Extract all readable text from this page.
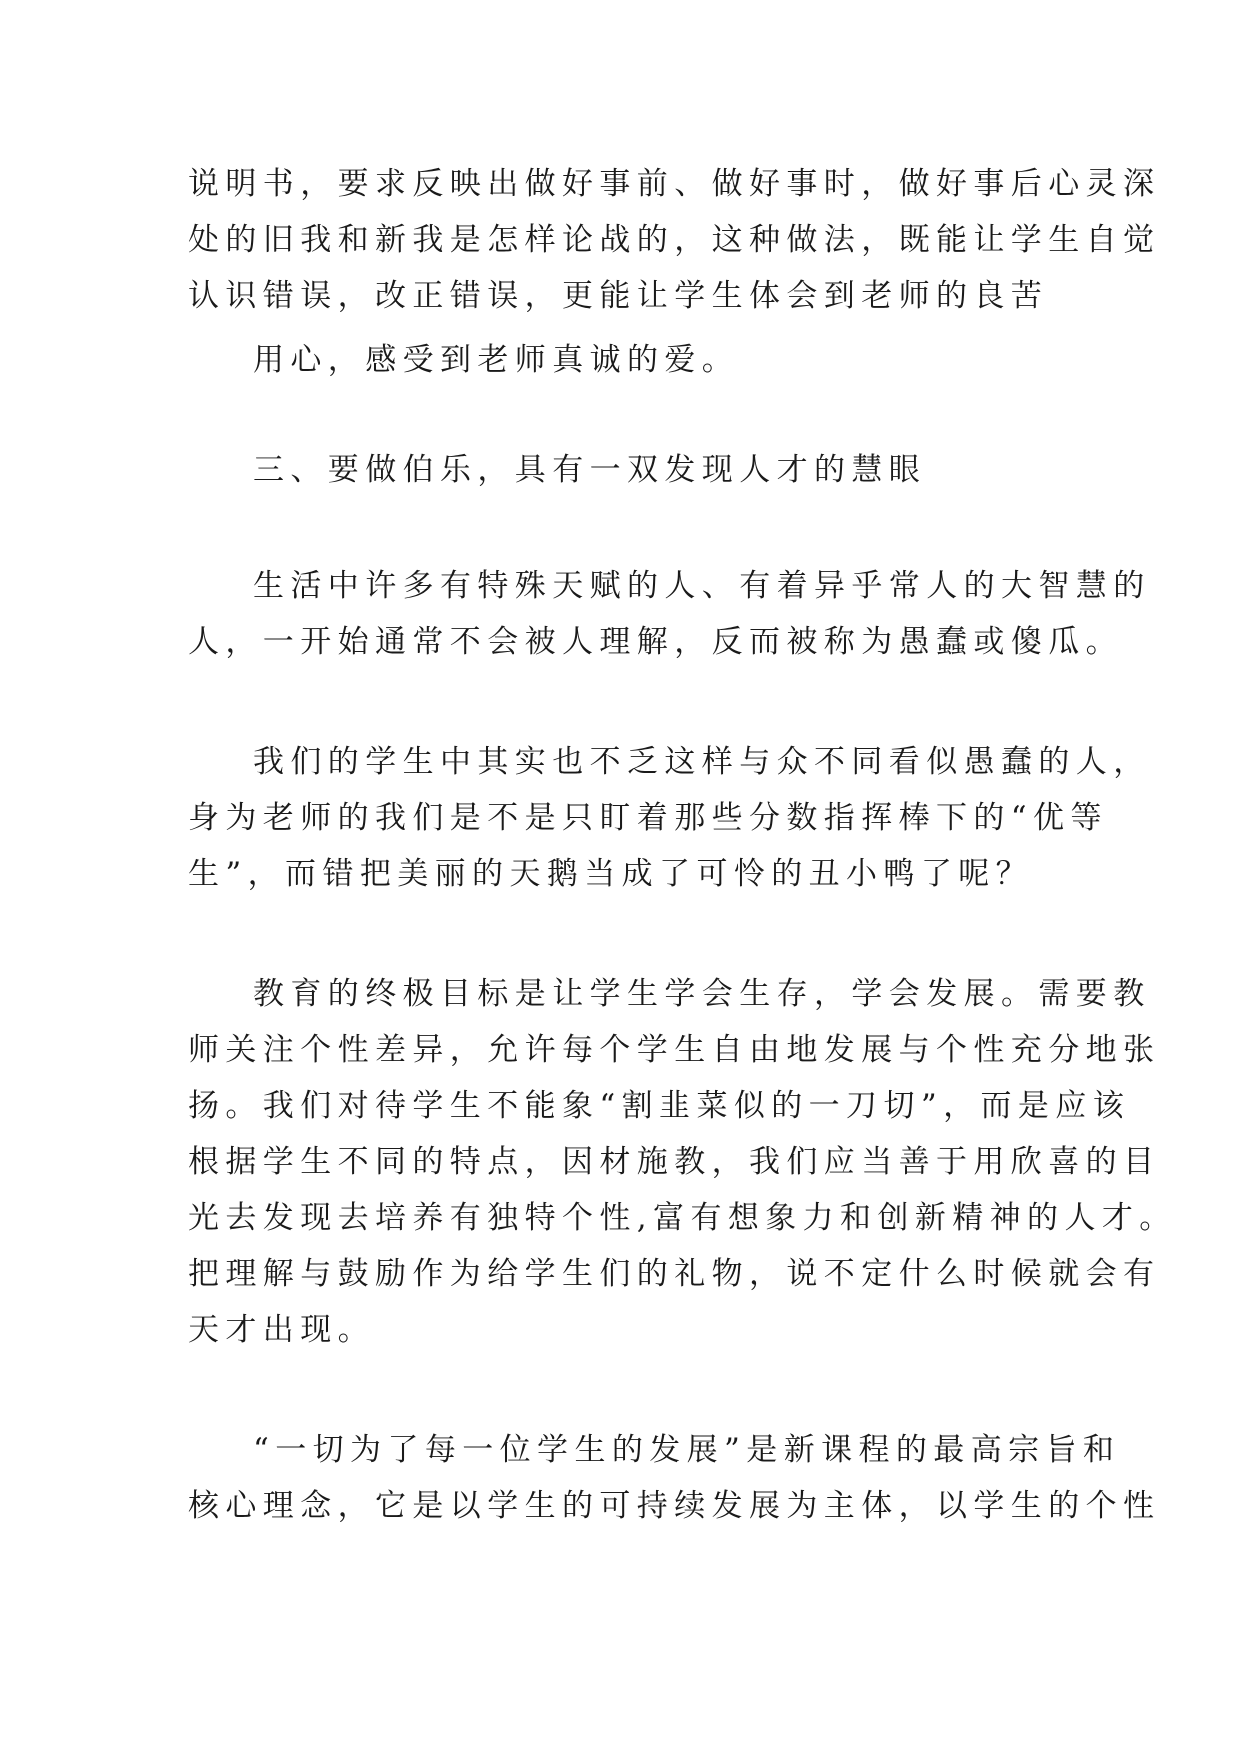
说明书，要求反映出做好事前、做好事时，做好事后心灵深

处的旧我和新我是怎样论战的，这种做法，既能让学生自觉

认识错误，改正错误，更能让学生体会到老师的良苦

用心，感受到老师真诚的爱。

三、要做伯乐，具有一双发现人才的慧眼

生活中许多有特殊天赋的人、有着异乎常人的大智慧的

人，一开始通常不会被人理解，反而被称为愚蠢或傻瓜。

我们的学生中其实也不乏这样与众不同看似愚蠢的人，

身为老师的我们是不是只盯着那些分数指挥棒下的“优等

生”，而错把美丽的天鹅当成了可怜的丑小鸭了呢？

教育的终极目标是让学生学会生存，学会发展。需要教

师关注个性差异，允许每个学生自由地发展与个性充分地张

扬。我们对待学生不能象“割韭菜似的一刀切”，而是应该

根据学生不同的特点，因材施教，我们应当善于用欣喜的目

光去发现去培养有独特个性,富有想象力和创新精神的人才。

把理解与鼓励作为给学生们的礼物，说不定什么时候就会有

天才出现。

“一切为了每一位学生的发展”是新课程的最高宗旨和

核心理念，它是以学生的可持续发展为主体，以学生的个性
